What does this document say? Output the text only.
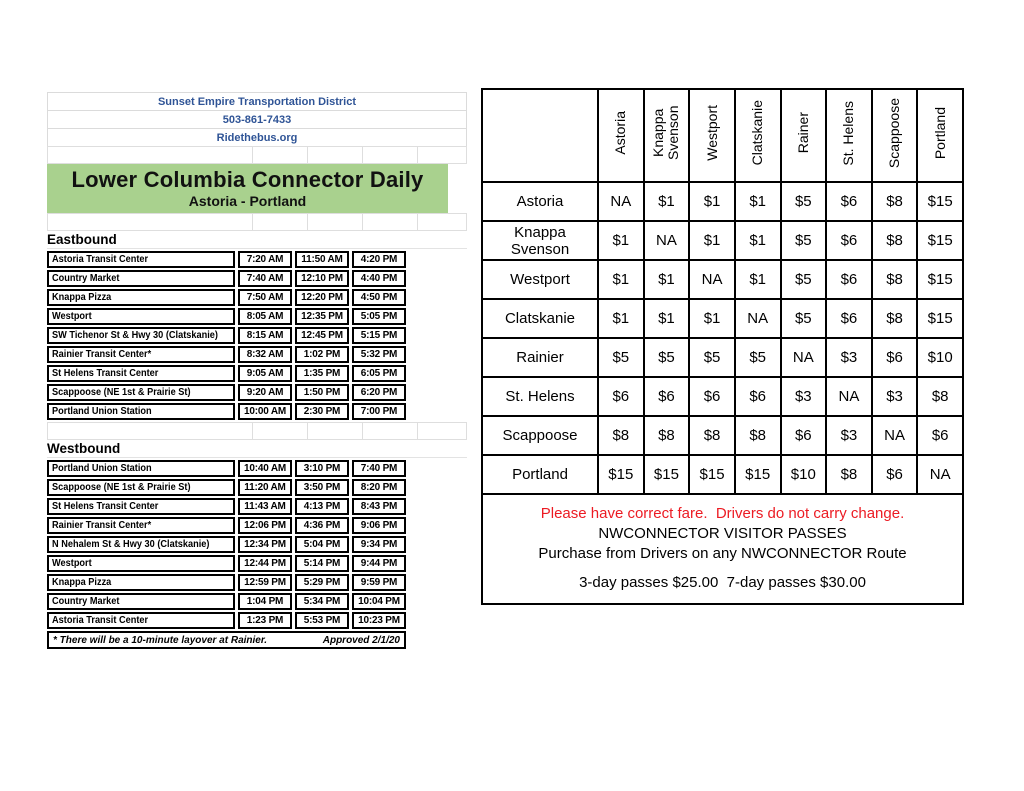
Sunset Empire Transportation District
503-861-7433
Ridethebus.org
Lower Columbia Connector Daily
Astoria - Portland
Eastbound
Astoria Transit Center	7:20 AM	11:50 AM	4:20 PM
Country Market	7:40 AM	12:10 PM	4:40 PM
Knappa Pizza	7:50 AM	12:20 PM	4:50 PM
Westport	8:05 AM	12:35 PM	5:05 PM
SW Tichenor St & Hwy 30 (Clatskanie)	8:15 AM	12:45 PM	5:15 PM
Rainier Transit Center*	8:32 AM	1:02 PM	5:32 PM
St Helens Transit Center	9:05 AM	1:35 PM	6:05 PM
Scappoose (NE 1st & Prairie St)	9:20 AM	1:50 PM	6:20 PM
Portland Union Station	10:00 AM	2:30 PM	7:00 PM
Westbound
Portland Union Station	10:40 AM	3:10 PM	7:40 PM
Scappoose (NE 1st & Prairie St)	11:20 AM	3:50 PM	8:20 PM
St Helens Transit Center	11:43 AM	4:13 PM	8:43 PM
Rainier Transit Center*	12:06 PM	4:36 PM	9:06 PM
N Nehalem St & Hwy 30 (Clatskanie)	12:34 PM	5:04 PM	9:34 PM
Westport	12:44 PM	5:14 PM	9:44 PM
Knappa Pizza	12:59 PM	5:29 PM	9:59 PM
Country Market	1:04 PM	5:34 PM	10:04 PM
Astoria Transit Center	1:23 PM	5:53 PM	10:23 PM
* There will be a 10-minute layover at Rainier.	Approved 2/1/20
	Astoria	Knappa Svenson	Westport	Clatskanie	Rainer	St. Helens	Scappoose	Portland
Astoria	NA	$1	$1	$1	$5	$6	$8	$15
Knappa Svenson	$1	NA	$1	$1	$5	$6	$8	$15
Westport	$1	$1	NA	$1	$5	$6	$8	$15
Clatskanie	$1	$1	$1	NA	$5	$6	$8	$15
Rainier	$5	$5	$5	$5	NA	$3	$6	$10
St. Helens	$6	$6	$6	$6	$3	NA	$3	$8
Scappoose	$8	$8	$8	$8	$6	$3	NA	$6
Portland	$15	$15	$15	$15	$10	$8	$6	NA
Please have correct fare.  Drivers do not carry change.
NWCONNECTOR VISITOR PASSES
Purchase from Drivers on any NWCONNECTOR Route
3-day passes $25.00  7-day passes $30.00
